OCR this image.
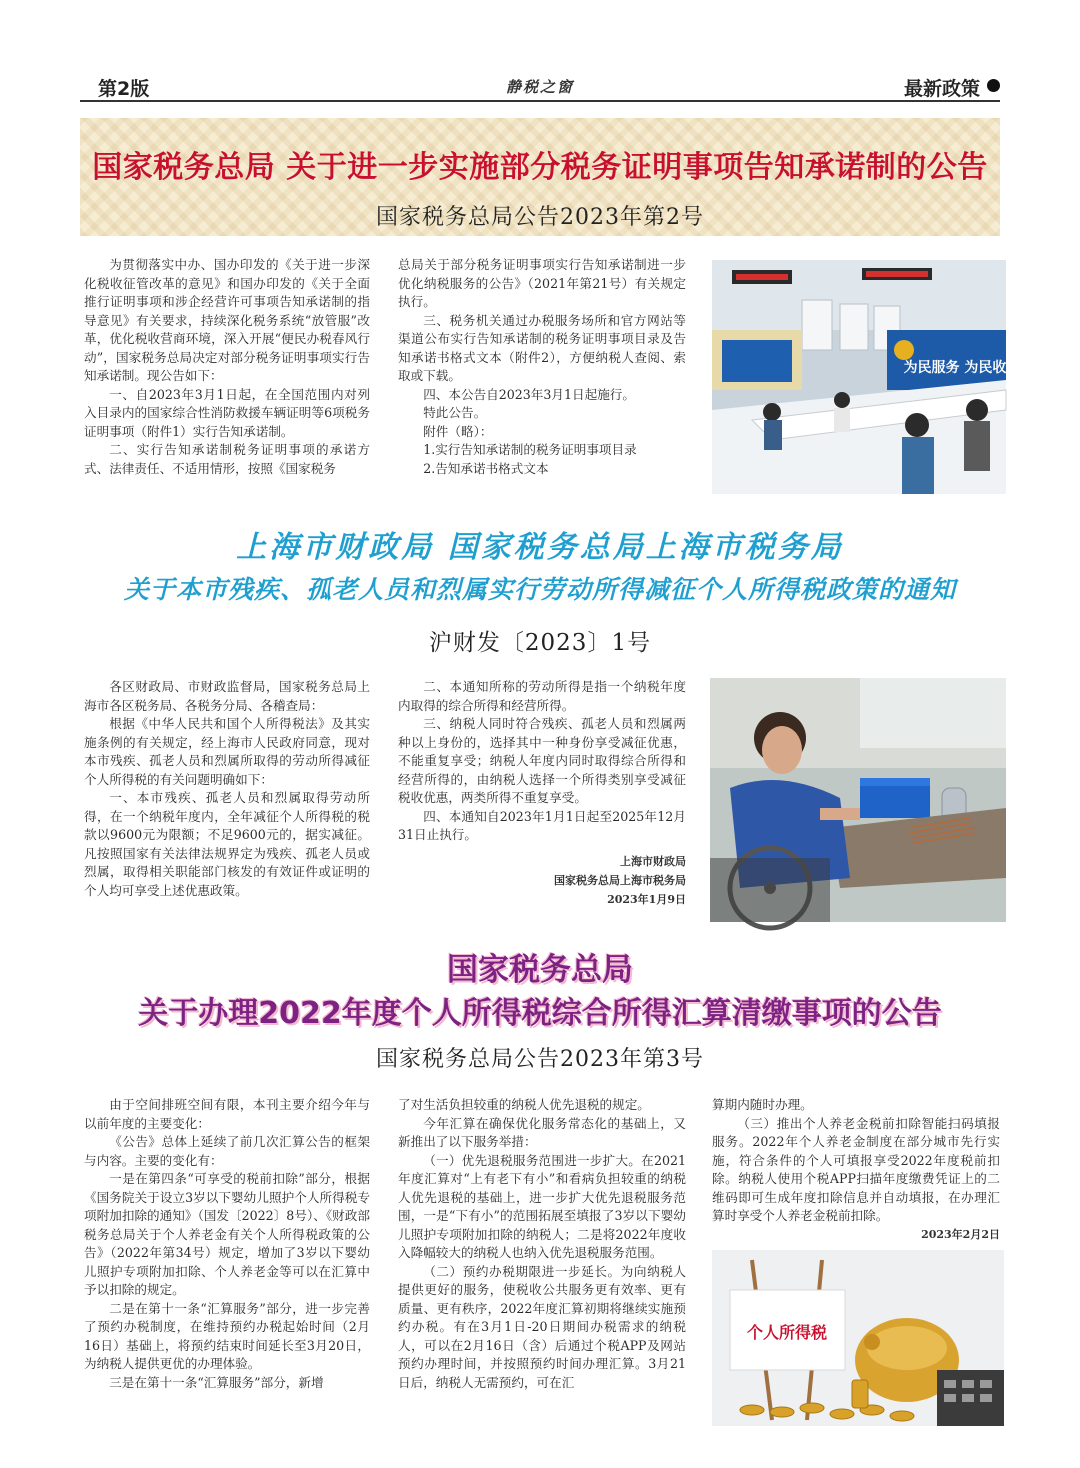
第2版	静税之窗	最新政策
国家税务总局 关于进一步实施部分税务证明事项告知承诺制的公告
国家税务总局公告2023年第2号

为贯彻落实中办、国办印发的《关于进一步深化税收征管改革的意见》和国办印发的《关于全面推行证明事项和涉企经营许可事项告知承诺制的指导意见》有关要求，持续深化税务系统“放管服”改革，优化税收营商环境，深入开展“便民办税春风行动”，国家税务总局决定对部分税务证明事项实行告知承诺制。现公告如下：

一、自2023年3月1日起，在全国范围内对列入目录内的国家综合性消防救援车辆证明等6项税务证明事项（附件1）实行告知承诺制。

二、实行告知承诺制税务证明事项的承诺方式、法律责任、不适用情形，按照《国家税务

总局关于部分税务证明事项实行告知承诺制进一步优化纳税服务的公告》（2021年第21号）有关规定执行。

三、税务机关通过办税服务场所和官方网站等渠道公布实行告知承诺制的税务证明事项目录及告知承诺书格式文本（附件2），方便纳税人查阅、索取或下载。

四、本公告自2023年3月1日起施行。

特此公告。

附件（略）：

1.实行告知承诺制的税务证明事项目录

2.告知承诺书格式文本

为民服务 为民收税
上海市财政局 国家税务总局上海市税务局
关于本市残疾、孤老人员和烈属实行劳动所得减征个人所得税政策的通知
沪财发〔2023〕1号

各区财政局、市财政监督局，国家税务总局上海市各区税务局、各税务分局、各稽查局：

根据《中华人民共和国个人所得税法》及其实施条例的有关规定，经上海市人民政府同意，现对本市残疾、孤老人员和烈属所取得的劳动所得减征个人所得税的有关问题明确如下：

一、本市残疾、孤老人员和烈属取得劳动所得，在一个纳税年度内，全年减征个人所得税的税款以9600元为限额；不足9600元的，据实减征。凡按照国家有关法律法规界定为残疾、孤老人员或烈属，取得相关职能部门核发的有效证件或证明的个人均可享受上述优惠政策。

二、本通知所称的劳动所得是指一个纳税年度内取得的综合所得和经营所得。

三、纳税人同时符合残疾、孤老人员和烈属两种以上身份的，选择其中一种身份享受减征优惠，不能重复享受；纳税人年度内同时取得综合所得和经营所得的，由纳税人选择一个所得类别享受减征税收优惠，两类所得不重复享受。

四、本通知自2023年1月1日起至2025年12月31日止执行。

上海市财政局

国家税务总局上海市税务局

2023年1月9日

国家税务总局
关于办理2022年度个人所得税综合所得汇算清缴事项的公告
国家税务总局公告2023年第3号

由于空间排班空间有限，本刊主要介绍今年与以前年度的主要变化：

《公告》总体上延续了前几次汇算公告的框架与内容。主要的变化有：

一是在第四条“可享受的税前扣除”部分，根据《国务院关于设立3岁以下婴幼儿照护个人所得税专项附加扣除的通知》（国发〔2022〕8号）、《财政部 税务总局关于个人养老金有关个人所得税政策的公告》（2022年第34号）规定，增加了3岁以下婴幼儿照护专项附加扣除、个人养老金等可以在汇算中予以扣除的规定。

二是在第十一条“汇算服务”部分，进一步完善了预约办税制度，在维持预约办税起始时间（2月16日）基础上，将预约结束时间延长至3月20日，为纳税人提供更优的办理体验。

三是在第十一条“汇算服务”部分，新增

了对生活负担较重的纳税人优先退税的规定。

今年汇算在确保优化服务常态化的基础上，又新推出了以下服务举措：

（一）优先退税服务范围进一步扩大。在2021年度汇算对“上有老下有小”和看病负担较重的纳税人优先退税的基础上，进一步扩大优先退税服务范围，一是“下有小”的范围拓展至填报了3岁以下婴幼儿照护专项附加扣除的纳税人；二是将2022年度收入降幅较大的纳税人也纳入优先退税服务范围。

（二）预约办税期限进一步延长。为向纳税人提供更好的服务，使税收公共服务更有效率、更有质量、更有秩序，2022年度汇算初期将继续实施预约办税。有在3月1日-20日期间办税需求的纳税人，可以在2月16日（含）后通过个税APP及网站预约办理时间，并按照预约时间办理汇算。3月21日后，纳税人无需预约，可在汇

算期内随时办理。

（三）推出个人养老金税前扣除智能扫码填报服务。2022年个人养老金制度在部分城市先行实施，符合条件的个人可填报享受2022年度税前扣除。纳税人使用个税APP扫描年度缴费凭证上的二维码即可生成年度扣除信息并自动填报，在办理汇算时享受个人养老金税前扣除。

2023年2月2日

个人所得税
